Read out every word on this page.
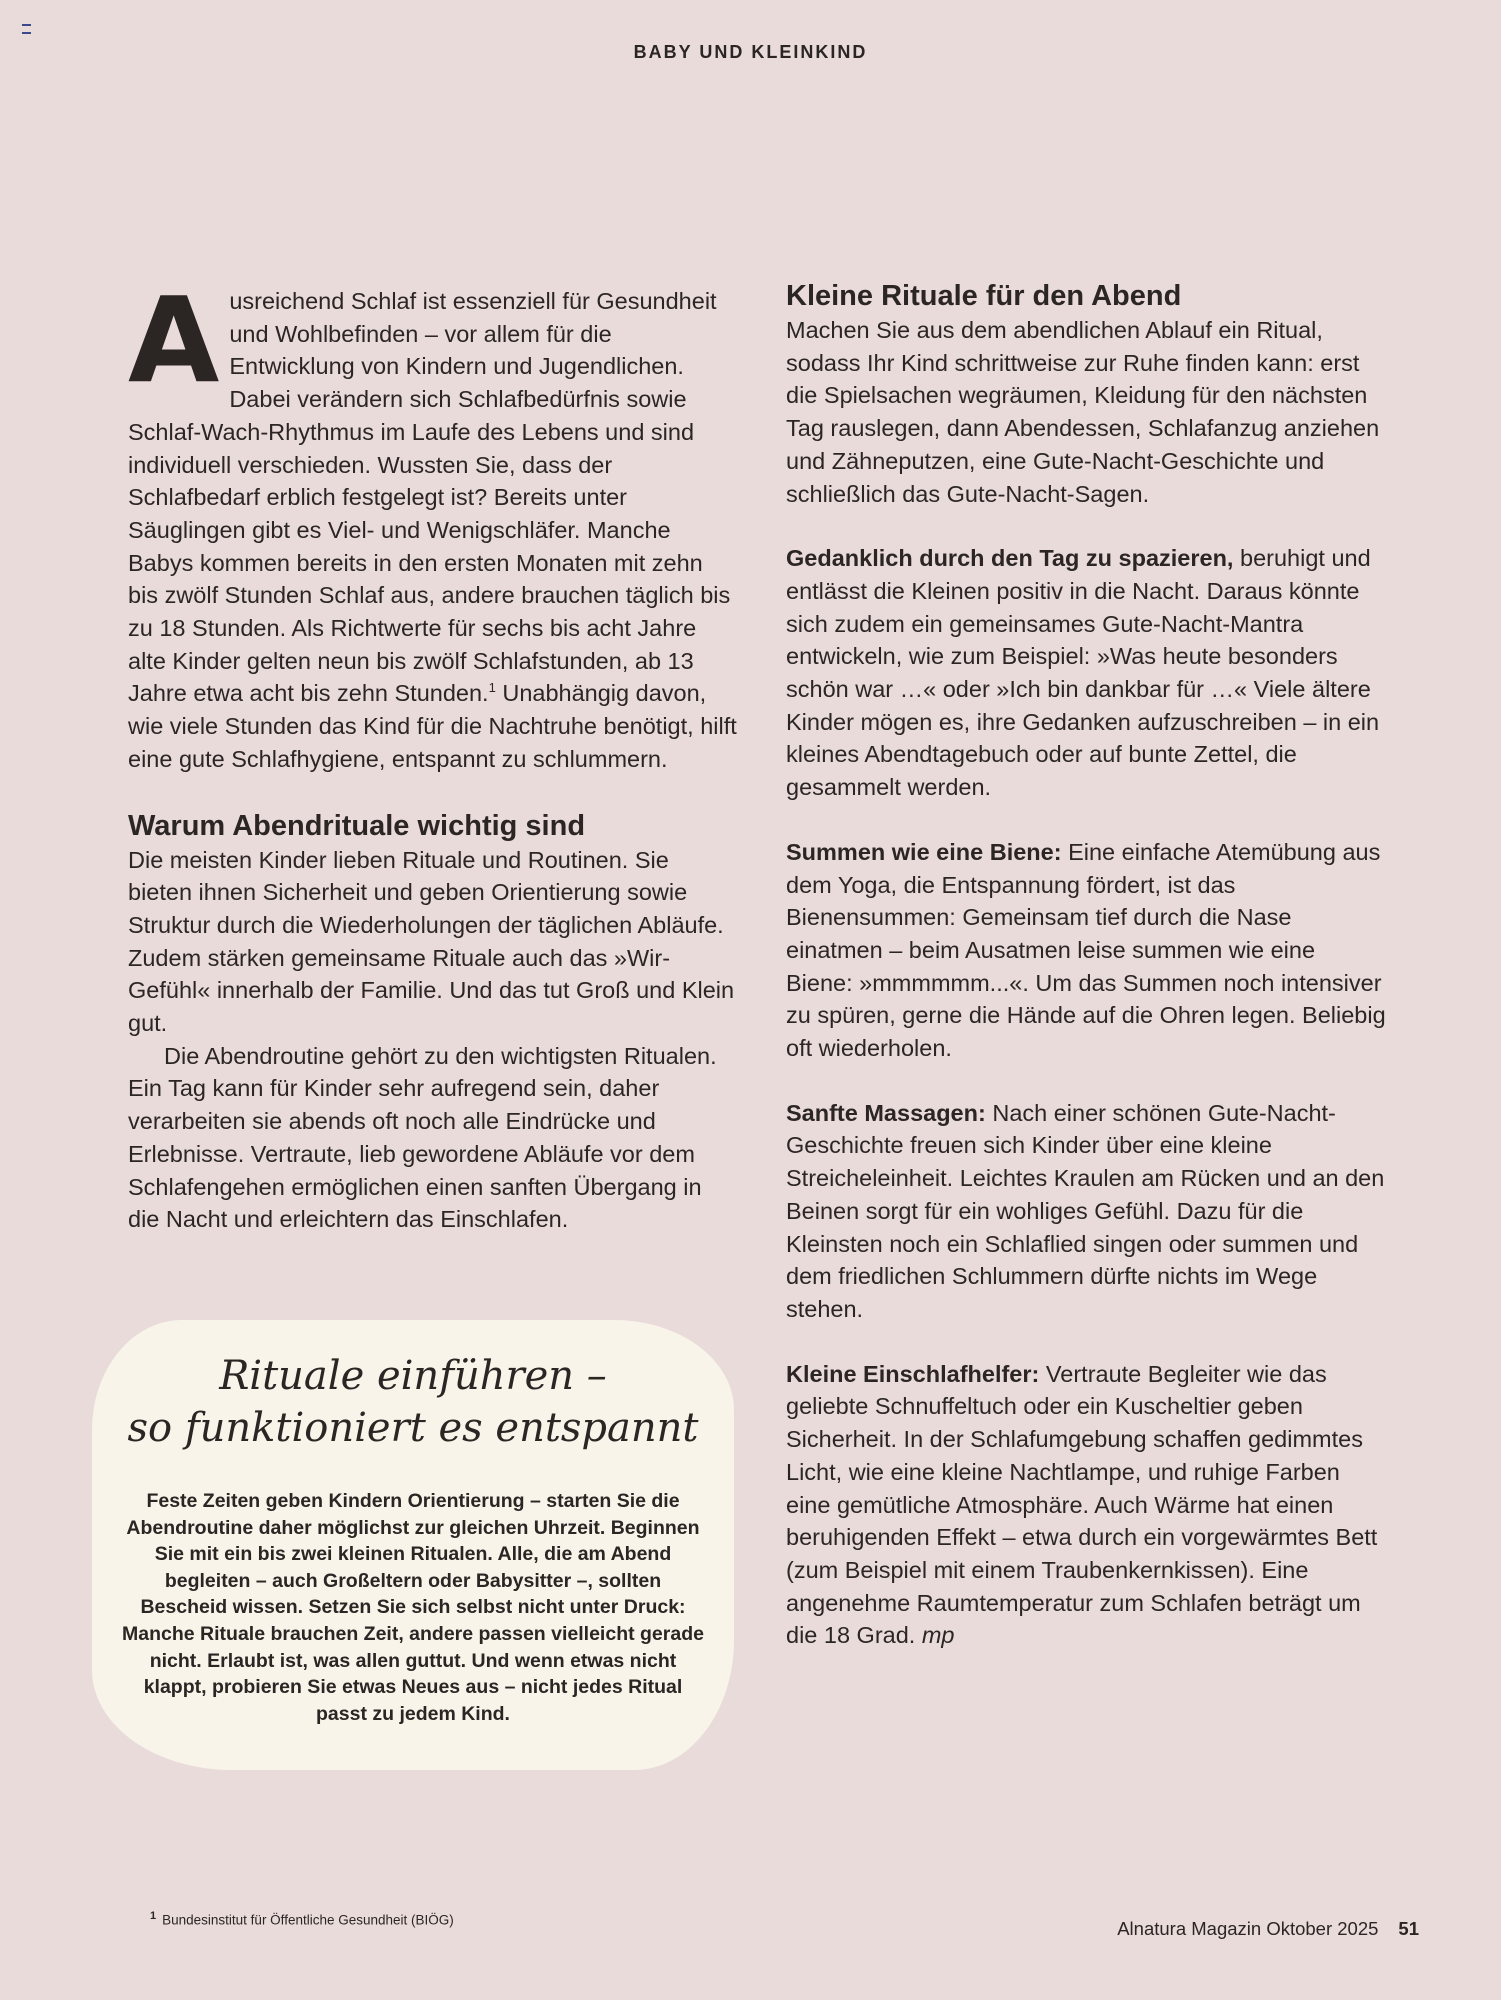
BABY UND KLEINKIND

Ausreichend Schlaf ist essenziell für Gesundheit und Wohlbefinden – vor allem für die Entwicklung von Kindern und Jugendlichen. Dabei verändern sich Schlafbedürfnis sowie Schlaf-Wach-Rhythmus im Laufe des Lebens und sind individuell verschieden. Wussten Sie, dass der Schlafbedarf erblich festgelegt ist? Bereits unter Säuglingen gibt es Viel- und Wenigschläfer. Manche Babys kommen bereits in den ersten Monaten mit zehn bis zwölf Stunden Schlaf aus, andere brauchen täglich bis zu 18 Stunden. Als Richtwerte für sechs bis acht Jahre alte Kinder gelten neun bis zwölf Schlafstunden, ab 13 Jahre etwa acht bis zehn Stunden.$^1$ Unabhängig davon, wie viele Stunden das Kind für die Nachtruhe benötigt, hilft eine gute Schlafhygiene, entspannt zu schlummern.

Warum Abendrituale wichtig sind

Die meisten Kinder lieben Rituale und Routinen. Sie bieten ihnen Sicherheit und geben Orientierung sowie Struktur durch die Wiederholungen der täglichen Abläufe. Zudem stärken gemeinsame Rituale auch das »Wir-Gefühl« innerhalb der Familie. Und das tut Groß und Klein gut.

Die Abendroutine gehört zu den wichtigsten Ritualen. Ein Tag kann für Kinder sehr aufregend sein, daher verarbeiten sie abends oft noch alle Eindrücke und Erlebnisse. Vertraute, lieb gewordene Abläufe vor dem Schlafengehen ermöglichen einen sanften Übergang in die Nacht und erleichtern das Einschlafen.

Rituale einführen –
so funktioniert es entspannt
Feste Zeiten geben Kindern Orientierung – starten Sie die Abendroutine daher möglichst zur gleichen Uhrzeit. Beginnen Sie mit ein bis zwei kleinen Ritualen. Alle, die am Abend begleiten – auch Großeltern oder Babysitter –, sollten Bescheid wissen. Setzen Sie sich selbst nicht unter Druck: Manche Rituale brauchen Zeit, andere passen vielleicht gerade nicht. Erlaubt ist, was allen guttut. Und wenn etwas nicht klappt, probieren Sie etwas Neues aus – nicht jedes Ritual passt zu jedem Kind.
Kleine Rituale für den Abend

Machen Sie aus dem abendlichen Ablauf ein Ritual, sodass Ihr Kind schrittweise zur Ruhe finden kann: erst die Spielsachen wegräumen, Kleidung für den nächsten Tag rauslegen, dann Abendessen, Schlafanzug anziehen und Zähneputzen, eine Gute-Nacht-Geschichte und schließlich das Gute-Nacht-Sagen.

Gedanklich durch den Tag zu spazieren, beruhigt und entlässt die Kleinen positiv in die Nacht. Daraus könnte sich zudem ein gemeinsames Gute-Nacht-Mantra entwickeln, wie zum Beispiel: »Was heute besonders schön war …« oder »Ich bin dankbar für …« Viele ältere Kinder mögen es, ihre Gedanken aufzuschreiben – in ein kleines Abendtagebuch oder auf bunte Zettel, die gesammelt werden.

Summen wie eine Biene: Eine einfache Atemübung aus dem Yoga, die Entspannung fördert, ist das Bienensummen: Gemeinsam tief durch die Nase einatmen – beim Ausatmen leise summen wie eine Biene: »mmmmmm...«. Um das Summen noch intensiver zu spüren, gerne die Hände auf die Ohren legen. Beliebig oft wiederholen.

Sanfte Massagen: Nach einer schönen Gute-Nacht-Geschichte freuen sich Kinder über eine kleine Streicheleinheit. Leichtes Kraulen am Rücken und an den Beinen sorgt für ein wohliges Gefühl. Dazu für die Kleinsten noch ein Schlaflied singen oder summen und dem friedlichen Schlummern dürfte nichts im Wege stehen.

Kleine Einschlafhelfer: Vertraute Begleiter wie das geliebte Schnuffeltuch oder ein Kuscheltier geben Sicherheit. In der Schlafumgebung schaffen gedimmtes Licht, wie eine kleine Nachtlampe, und ruhige Farben eine gemütliche Atmosphäre. Auch Wärme hat einen beruhigenden Effekt – etwa durch ein vorgewärmtes Bett (zum Beispiel mit einem Traubenkernkissen). Eine angenehme Raumtemperatur zum Schlafen beträgt um die 18 Grad. mp

$^1$ Bundesinstitut für Öffentliche Gesundheit (BIÖG)	Alnatura Magazin Oktober 2025 51
